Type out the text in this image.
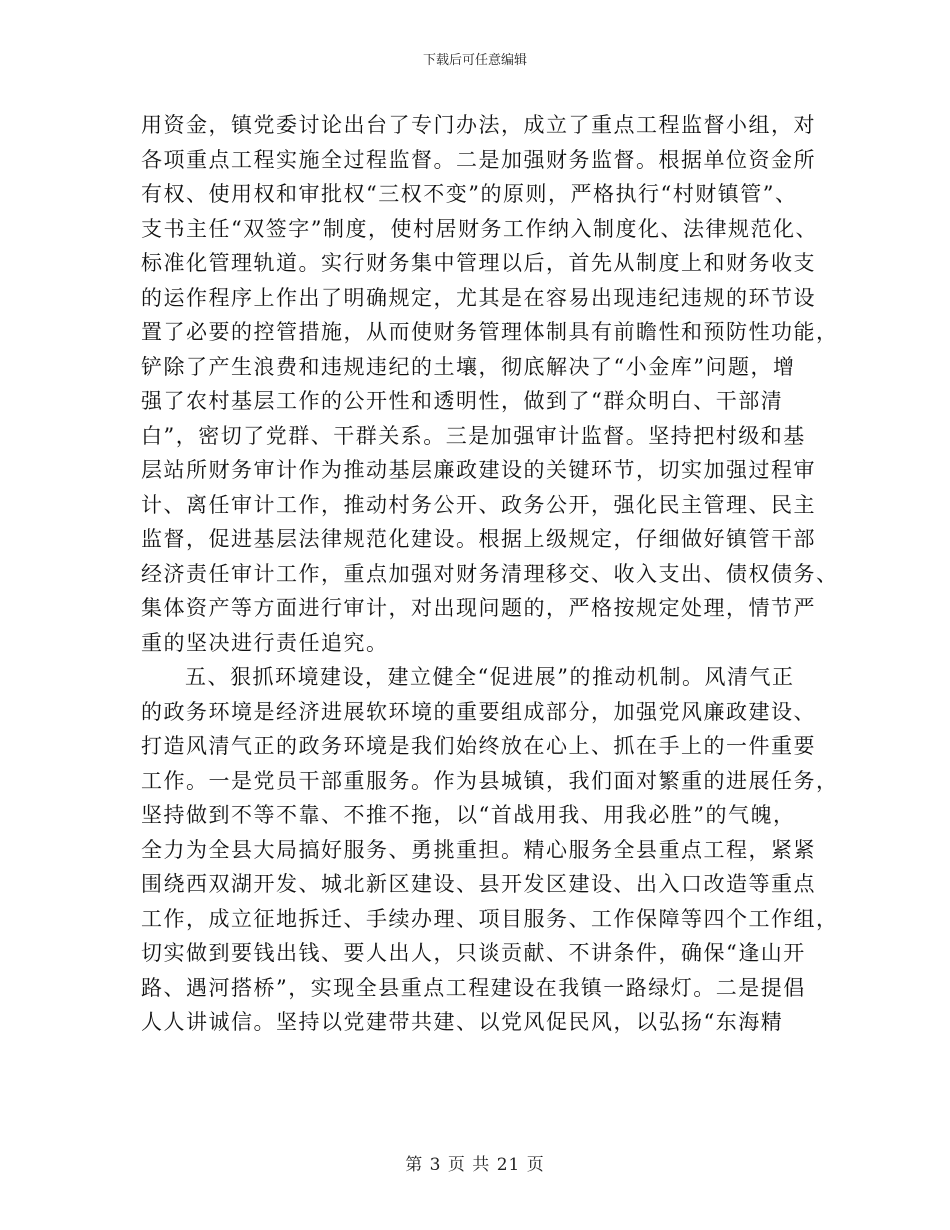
下载后可任意编辑
用资金，镇党委讨论出台了专门办法，成立了重点工程监督小组，对
各项重点工程实施全过程监督。二是加强财务监督。根据单位资金所
有权、使用权和审批权“三权不变”的原则，严格执行“村财镇管”、
支书主任“双签字”制度，使村居财务工作纳入制度化、法律规范化、
标准化管理轨道。实行财务集中管理以后，首先从制度上和财务收支
的运作程序上作出了明确规定，尤其是在容易出现违纪违规的环节设
置了必要的控管措施，从而使财务管理体制具有前瞻性和预防性功能，
铲除了产生浪费和违规违纪的土壤，彻底解决了“小金库”问题，增
强了农村基层工作的公开性和透明性，做到了“群众明白、干部清
白”，密切了党群、干群关系。三是加强审计监督。坚持把村级和基
层站所财务审计作为推动基层廉政建设的关键环节，切实加强过程审
计、离任审计工作，推动村务公开、政务公开，强化民主管理、民主
监督，促进基层法律规范化建设。根据上级规定，仔细做好镇管干部
经济责任审计工作，重点加强对财务清理移交、收入支出、债权债务、
集体资产等方面进行审计，对出现问题的，严格按规定处理，情节严
重的坚决进行责任追究。
五、狠抓环境建设，建立健全“促进展”的推动机制。风清气正
的政务环境是经济进展软环境的重要组成部分，加强党风廉政建设、
打造风清气正的政务环境是我们始终放在心上、抓在手上的一件重要
工作。一是党员干部重服务。作为县城镇，我们面对繁重的进展任务，
坚持做到不等不靠、不推不拖，以“首战用我、用我必胜”的气魄，
全力为全县大局搞好服务、勇挑重担。精心服务全县重点工程，紧紧
围绕西双湖开发、城北新区建设、县开发区建设、出入口改造等重点
工作，成立征地拆迁、手续办理、项目服务、工作保障等四个工作组，
切实做到要钱出钱、要人出人，只谈贡献、不讲条件，确保“逢山开
路、遇河搭桥”，实现全县重点工程建设在我镇一路绿灯。二是提倡
人人讲诚信。坚持以党建带共建、以党风促民风，以弘扬“东海精
第 3 页 共 21 页
